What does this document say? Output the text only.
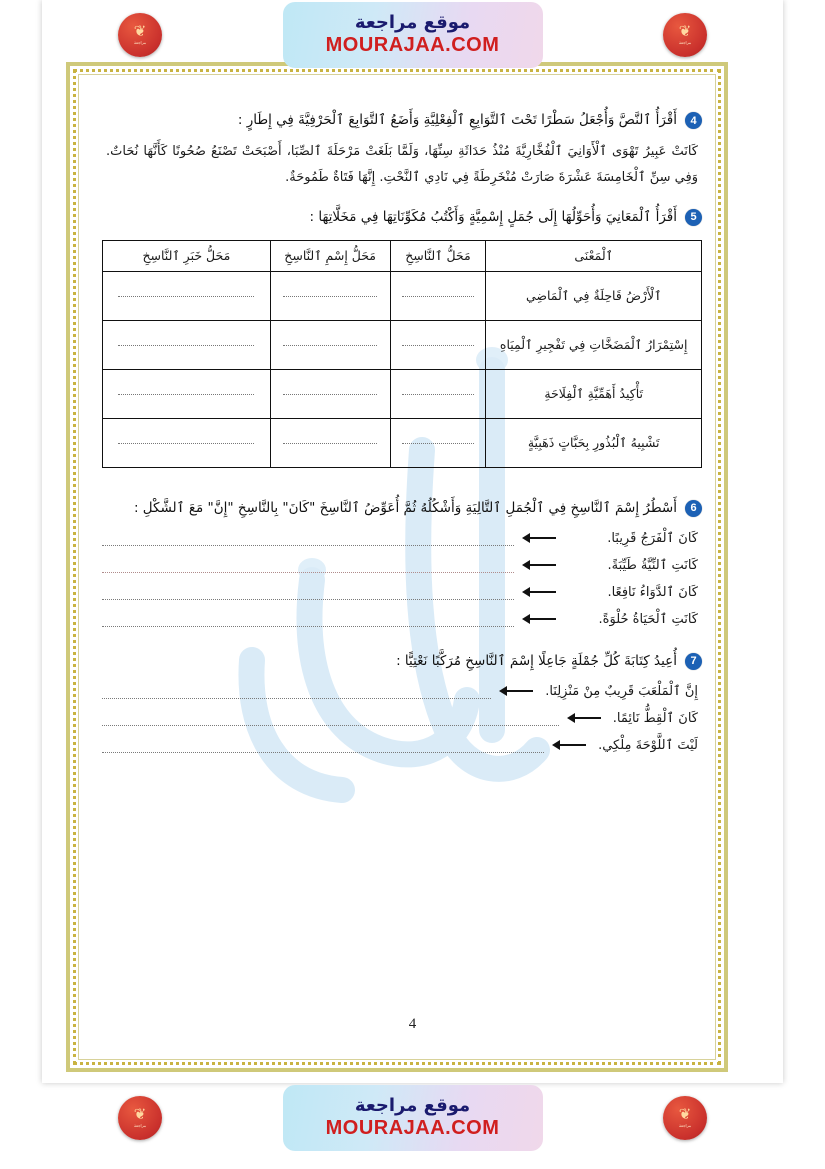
❦
مراجعة
موقع مراجعة
MOURAJAA.COM
❦
مراجعة
4
أَقْرَأُ ٱلنَّصَّ وَأُجْعَلُ سَطْرًا تَحْتَ ٱلتَّوَابِعِ ٱلْفِعْلِيَّةِ وَأَضَعُ ٱلتَّوَابِعَ ٱلْحَرْفِيَّةَ فِي إِطَارٍ :

كَانَتْ عَبِيرُ تَهْوَى ٱلْأَوَانِيَ ٱلْفُخَّارِيَّةَ مُنْذُ حَدَاثَةِ سِنِّهَا، وَلَمَّا بَلَغَتْ مَرْحَلَةَ ٱلصِّبَا، أَصْبَحَتْ تَصْنَعُ صُحُونًا كَأَنَّهَا نُحَاتٌ. وَفِي سِنِّ ٱلْخَامِسَةَ عَشْرَةَ صَارَتْ مُنْخَرِطَةً فِي نَادِي ٱلنَّحْتِ. إِنَّهَا فَتَاةٌ طَمُوحَةٌ.

5
أَقْرَأُ ٱلْمَعَانِيَ وَأُحَوِّلُهَا إِلَى جُمَلٍ إِسْمِيَّةٍ وَأَكْتُبُ مُكَوِّنَاتِهَا فِي مَخَلَّاتِهَا :
ٱلْمَعْنَى	مَحَلُّ ٱلنَّاسِخِ	مَحَلُّ إِسْمِ ٱلنَّاسِخِ	مَحَلُّ خَبَرِ ٱلنَّاسِخِ
ٱلْأَرْضُ قَاحِلَةٌ فِي ٱلْمَاضِي	

إِسْتِمْرَارُ ٱلْمَضَخَّاتِ فِي تَفْجِيرِ ٱلْمِيَاهِ	

تَأْكِيدُ أَهَمِّيَّةِ ٱلْفِلَاحَةِ	

تَشْبِيهُ ٱلْبُذُورِ بِحَبَّاتٍ ذَهَبِيَّةٍ	

6
أَسْطُرُ إِسْمَ ٱلنَّاسِخِ فِي ٱلْجُمَلِ ٱلتَّالِيَةِ وَأَشْكُلُهُ ثُمَّ أُعَوِّضُ ٱلنَّاسِخَ "كَانَ" بِالنَّاسِخِ "إِنَّ" مَعَ ٱلشَّكْلِ :
كَانَ ٱلْفَرَجُ قَرِيبًا.
كَانَتِ ٱلنِّيَّةُ طَيِّبَةً.
كَانَ ٱلدَّوَاءُ نَافِعًا.
كَانَتِ ٱلْحَيَاةُ حُلْوَةً.
7
أُعِيدُ كِتَابَةَ كُلِّ جُمْلَةٍ جَاعِلًا إِسْمَ ٱلنَّاسِخِ مُرَكَّبًا نَعْتِيًّا :
إِنَّ ٱلْمَلْعَبَ قَرِيبٌ مِنْ مَنْزِلِنَا.
كَانَ ٱلْقِطُّ نَائِمًا.
لَيْتَ ٱللَّوْحَةَ مِلْكِي.
4
❦
مراجعة
موقع مراجعة
MOURAJAA.COM
❦
مراجعة
